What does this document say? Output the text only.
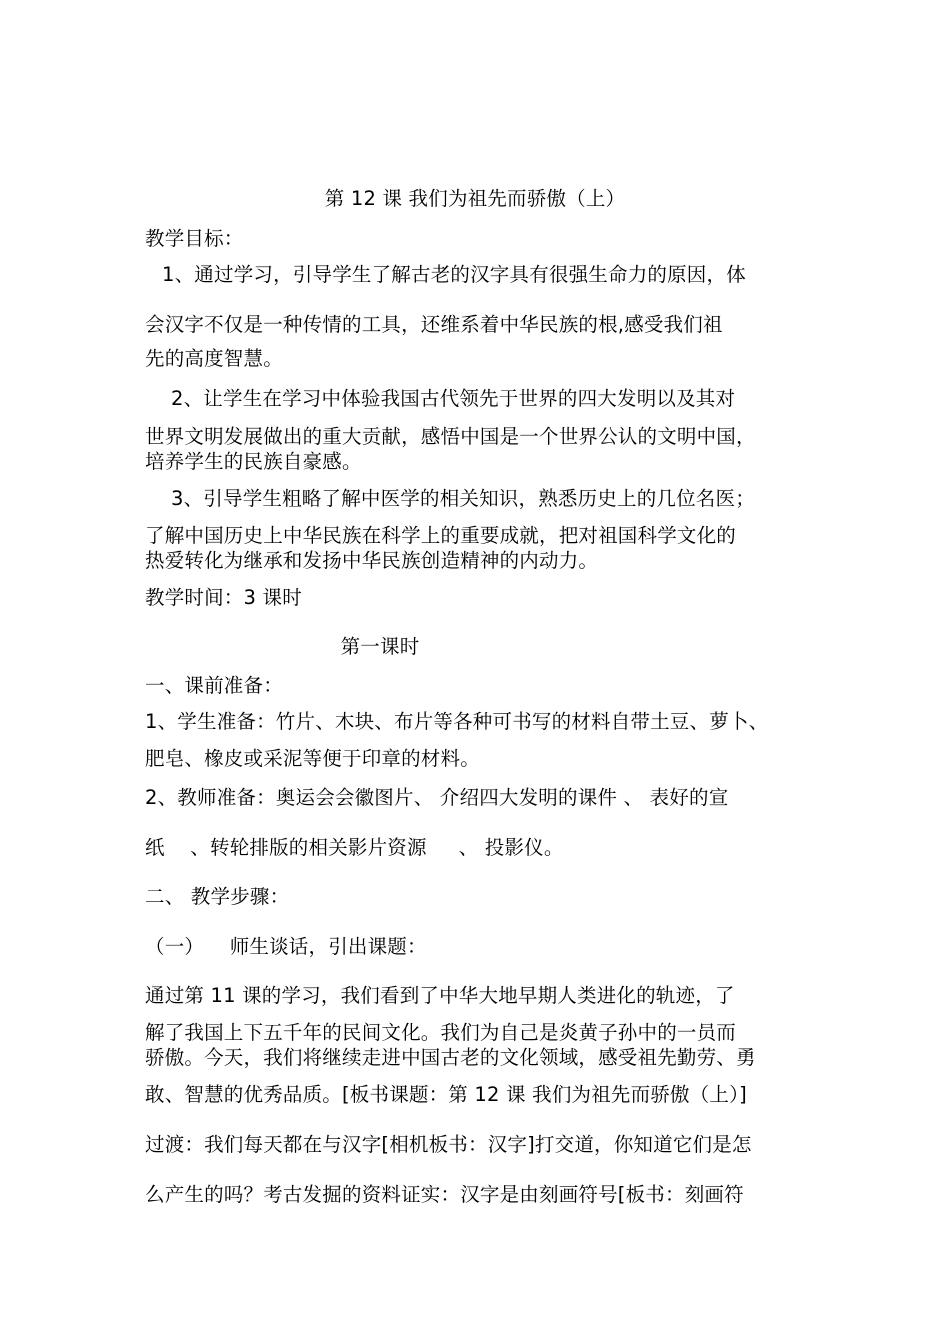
第 12 课 我们为祖先而骄傲（上）
教学目标：
1、通过学习，引导学生了解古老的汉字具有很强生命力的原因，体
会汉字不仅是一种传情的工具，还维系着中华民族的根,感受我们祖
先的高度智慧。
2、让学生在学习中体验我国古代领先于世界的四大发明以及其对
世界文明发展做出的重大贡献，感悟中国是一个世界公认的文明中国，
培养学生的民族自豪感。
3、引导学生粗略了解中医学的相关知识，熟悉历史上的几位名医；
了解中国历史上中华民族在科学上的重要成就，把对祖国科学文化的
热爱转化为继承和发扬中华民族创造精神的内动力。
教学时间：3 课时
第一课时
一、课前准备：
1、学生准备：竹片、木块、布片等各种可书写的材料自带土豆、萝卜、
肥皂、橡皮或采泥等便于印章的材料。
2、教师准备：奥运会会徽图片、 介绍四大发明的课件 、 表好的宣
纸    、转轮排版的相关影片资源     、 投影仪。
二、 教学步骤：
（一）    师生谈话，引出课题：
通过第 11 课的学习，我们看到了中华大地早期人类进化的轨迹，了
解了我国上下五千年的民间文化。我们为自己是炎黄子孙中的一员而
骄傲。今天，我们将继续走进中国古老的文化领域，感受祖先勤劳、勇
敢、智慧的优秀品质。[板书课题：第 12 课 我们为祖先而骄傲（上）]
过渡：我们每天都在与汉字[相机板书：汉字]打交道，你知道它们是怎
么产生的吗？考古发掘的资料证实：汉字是由刻画符号[板书：刻画符
